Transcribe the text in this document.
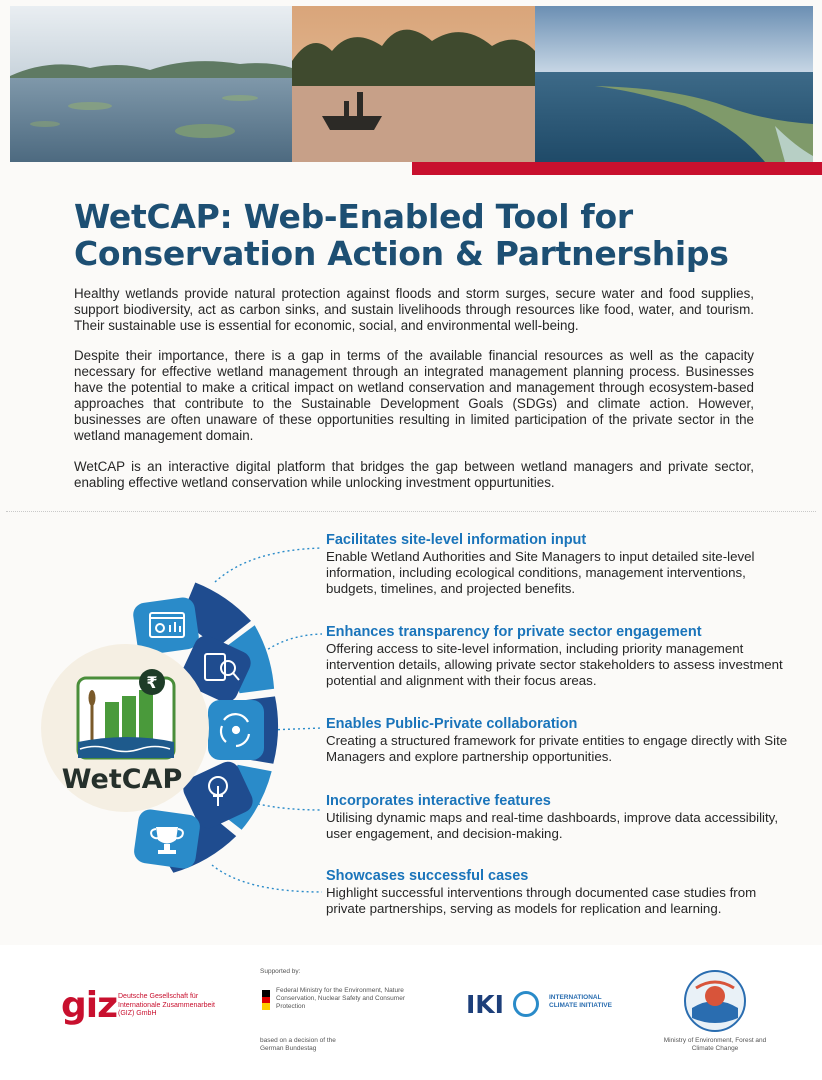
WetCAP: Web-Enabled Tool for Conservation Action & Partnerships

Healthy wetlands provide natural protection against floods and storm surges, secure water and food supplies, support biodiversity, act as carbon sinks, and sustain livelihoods through resources like food, water, and tourism. Their sustainable use is essential for economic, social, and environmental well-being.

Despite their importance, there is a gap in terms of the available financial resources as well as the capacity necessary for effective wetland management through an integrated management planning process. Businesses have the potential to make a critical impact on wetland conservation and management through ecosystem-based approaches that contribute to the Sustainable Development Goals (SDGs) and climate action. However, businesses are often unaware of these opportunities resulting in limited participation of the private sector in the wetland management domain.

WetCAP is an interactive digital platform that bridges the gap between wetland managers and private sector, enabling effective wetland conservation while unlocking investment oppurtunities.

₹
WetCAP
Facilitates site-level information input

Enable Wetland Authorities and Site Managers to input detailed site-level information, including ecological conditions, management interventions, budgets, timelines, and projected benefits.

Enhances transparency for private sector engagement

Offering access to site-level information, including priority management intervention details, allowing private sector stakeholders to assess investment potential and alignment with their focus areas.

Enables Public-Private collaboration

Creating a structured framework for private entities to engage directly with Site Managers and explore partnership opportunities.

Incorporates interactive features

Utilising dynamic maps and real-time dashboards, improve data accessibility, user engagement, and decision-making.

Showcases successful cases

Highlight successful interventions through documented case studies from private partnerships, serving as models for replication and learning.

giz Deutsche Gesellschaft für Internationale Zusammenarbeit (GIZ) GmbH
Supported by:
Federal Ministry for the Environment, Nature Conservation, Nuclear Safety and Consumer Protection
based on a decision of the German Bundestag
IKI	INTERNATIONAL CLIMATE INITIATIVE
Ministry of Environment, Forest and Climate Change
